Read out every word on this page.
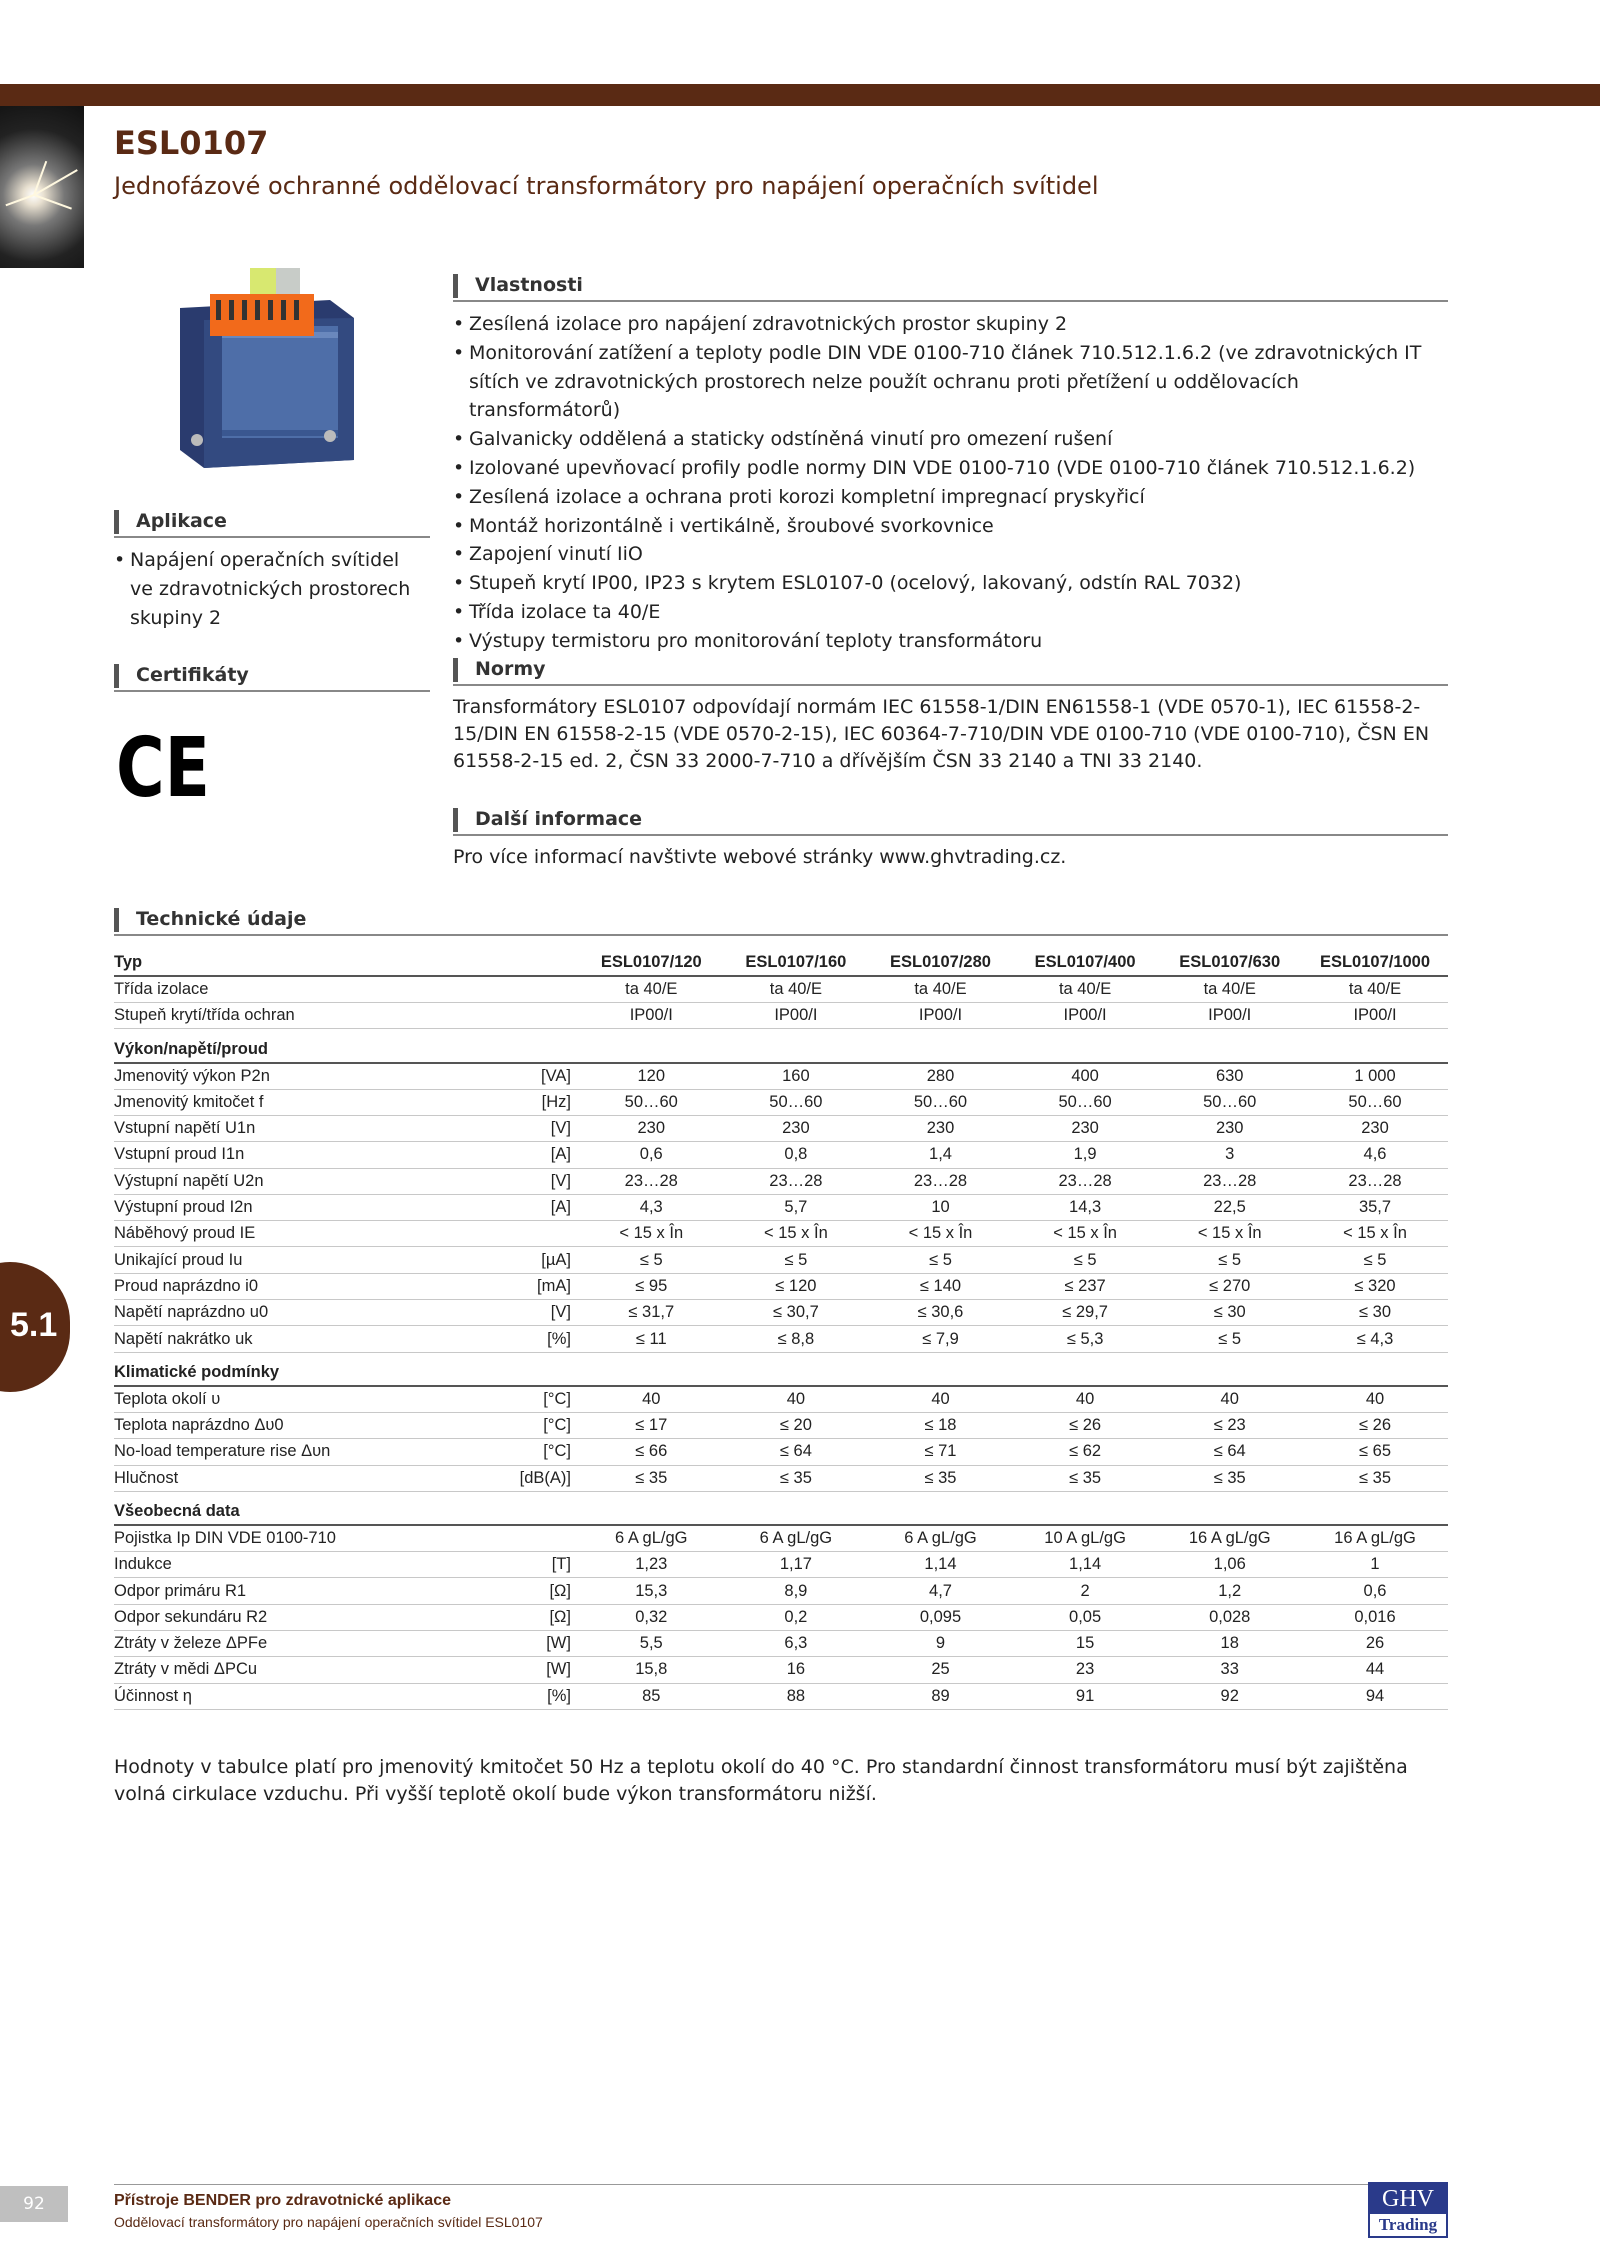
ESL0107
Jednofázové ochranné oddělovací transformátory pro napájení operačních svítidel
Aplikace
• Napájení operačních svítidel ve zdravotnických prostorech skupiny 2
Certifikáty
CE
Vlastnosti
• Zesílená izolace pro napájení zdravotnických prostor skupiny 2
• Monitorování zatížení a teploty podle DIN VDE 0100-710 článek 710.512.1.6.2 (ve zdravotnických IT sítích ve zdravotnických prostorech nelze použít ochranu proti přetížení u oddělovacích transformátorů)
• Galvanicky oddělená a staticky odstíněná vinutí pro omezení rušení
• Izolované upevňovací profily podle normy DIN VDE 0100-710 (VDE 0100-710 článek 710.512.1.6.2)
• Zesílená izolace a ochrana proti korozi kompletní impregnací pryskyřicí
• Montáž horizontálně i vertikálně, šroubové svorkovnice
• Zapojení vinutí IiO
• Stupeň krytí IP00, IP23 s krytem ESL0107-0 (ocelový, lakovaný, odstín RAL 7032)
• Třída izolace ta 40/E
• Výstupy termistoru pro monitorování teploty transformátoru
Normy
Transformátory ESL0107 odpovídají normám IEC 61558-1/DIN EN61558-1 (VDE 0570-1), IEC 61558-2-15/DIN EN 61558-2-15 (VDE 0570-2-15), IEC 60364-7-710/DIN VDE 0100-710 (VDE 0100-710), ČSN EN 61558-2-15 ed. 2, ČSN 33 2000-7-710 a dřívějším ČSN 33 2140 a TNI 33 2140.
Další informace
Pro více informací navštivte webové stránky www.ghvtrading.cz.
Technické údaje
Typ		ESL0107/120	ESL0107/160	ESL0107/280	ESL0107/400	ESL0107/630	ESL0107/1000
Třída izolace		ta 40/E	ta 40/E	ta 40/E	ta 40/E	ta 40/E	ta 40/E
Stupeň krytí/třída ochran		IP00/I	IP00/I	IP00/I	IP00/I	IP00/I	IP00/I
Výkon/napětí/proud							
Jmenovitý výkon P2n	[VA]	120	160	280	400	630	1 000
Jmenovitý kmitočet f	[Hz]	50…60	50…60	50…60	50…60	50…60	50…60
Vstupní napětí U1n	[V]	230	230	230	230	230	230
Vstupní proud I1n	[A]	0,6	0,8	1,4	1,9	3	4,6
Výstupní napětí U2n	[V]	23…28	23…28	23…28	23…28	23…28	23…28
Výstupní proud I2n	[A]	4,3	5,7	10	14,3	22,5	35,7
Náběhový proud IE		< 15 x În	< 15 x În	< 15 x În	< 15 x În	< 15 x În	< 15 x În
Unikající proud Iu	[µA]	≤ 5	≤ 5	≤ 5	≤ 5	≤ 5	≤ 5
Proud naprázdno i0	[mA]	≤ 95	≤ 120	≤ 140	≤ 237	≤ 270	≤ 320
Napětí naprázdno u0	[V]	≤ 31,7	≤ 30,7	≤ 30,6	≤ 29,7	≤ 30	≤ 30
Napětí nakrátko uk	[%]	≤ 11	≤ 8,8	≤ 7,9	≤ 5,3	≤ 5	≤ 4,3
Klimatické podmínky							
Teplota okolí υ	[°C]	40	40	40	40	40	40
Teplota naprázdno Δυ0	[°C]	≤ 17	≤ 20	≤ 18	≤ 26	≤ 23	≤ 26
No-load temperature rise Δυn	[°C]	≤ 66	≤ 64	≤ 71	≤ 62	≤ 64	≤ 65
Hlučnost	[dB(A)]	≤ 35	≤ 35	≤ 35	≤ 35	≤ 35	≤ 35
Všeobecná data							
Pojistka Ip DIN VDE 0100-710		6 A gL/gG	6 A gL/gG	6 A gL/gG	10 A gL/gG	16 A gL/gG	16 A gL/gG
Indukce	[T]	1,23	1,17	1,14	1,14	1,06	1
Odpor primáru R1	[Ω]	15,3	8,9	4,7	2	1,2	0,6
Odpor sekundáru R2	[Ω]	0,32	0,2	0,095	0,05	0,028	0,016
Ztráty v železe ΔPFe	[W]	5,5	6,3	9	15	18	26
Ztráty v mědi ΔPCu	[W]	15,8	16	25	23	33	44
Účinnost η	[%]	85	88	89	91	92	94
Hodnoty v tabulce platí pro jmenovitý kmitočet 50 Hz a teplotu okolí do 40 °C. Pro standardní činnost transformátoru musí být zajištěna volná cirkulace vzduchu. Při vyšší teplotě okolí bude výkon transformátoru nižší.
5.1
92	Přístroje BENDER pro zdravotnické aplikace
Oddělovací transformátory pro napájení operačních svítidel ESL0107
GHV
Trading
